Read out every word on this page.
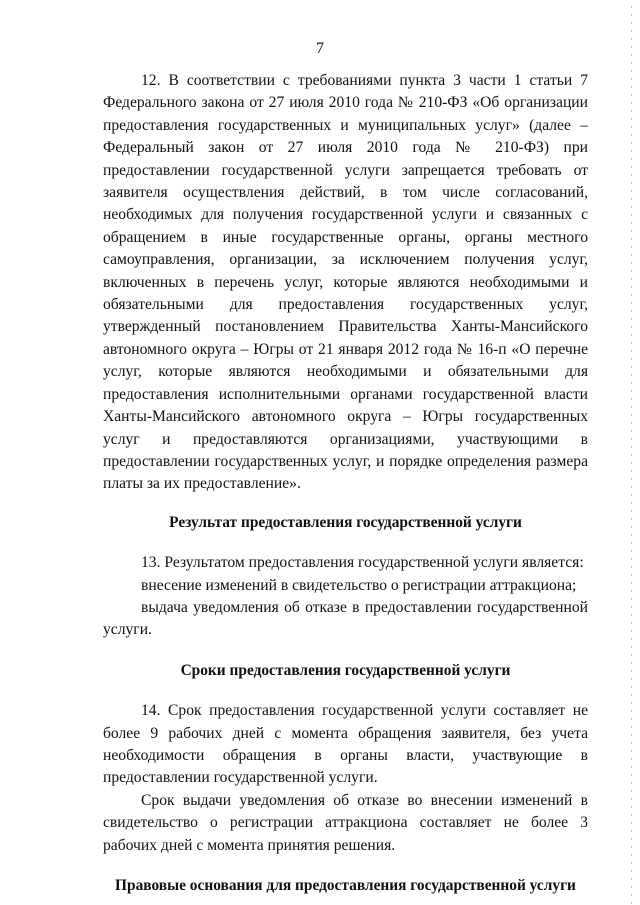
7

12. В соответствии с требованиями пункта 3 части 1 статьи 7 Федерального закона от 27 июля 2010 года № 210-ФЗ «Об организации предоставления государственных и муниципальных услуг» (далее – Федеральный закон от 27 июля 2010 года № 210-ФЗ) при предоставлении государственной услуги запрещается требовать от заявителя осуществления действий, в том числе согласований, необходимых для получения государственной услуги и связанных с обращением в иные государственные органы, органы местного самоуправления, организации, за исключением получения услуг, включенных в перечень услуг, которые являются необходимыми и обязательными для предоставления государственных услуг, утвержденный постановлением Правительства Ханты-Мансийского автономного округа – Югры от 21 января 2012 года № 16-п «О перечне услуг, которые являются необходимыми и обязательными для предоставления исполнительными органами государственной власти Ханты-Мансийского автономного округа – Югры государственных услуг и предоставляются организациями, участвующими в предоставлении государственных услуг, и порядке определения размера платы за их предоставление».

Результат предоставления государственной услуги

13. Результатом предоставления государственной услуги является:

внесение изменений в свидетельство о регистрации аттракциона;

выдача уведомления об отказе в предоставлении государственной услуги.

Сроки предоставления государственной услуги

14. Срок предоставления государственной услуги составляет не более 9 рабочих дней с момента обращения заявителя, без учета необходимости обращения в органы власти, участвующие в предоставлении государственной услуги.

Срок выдачи уведомления об отказе во внесении изменений в свидетельство о регистрации аттракциона составляет не более 3 рабочих дней с момента принятия решения.

Правовые основания для предоставления государственной услуги
